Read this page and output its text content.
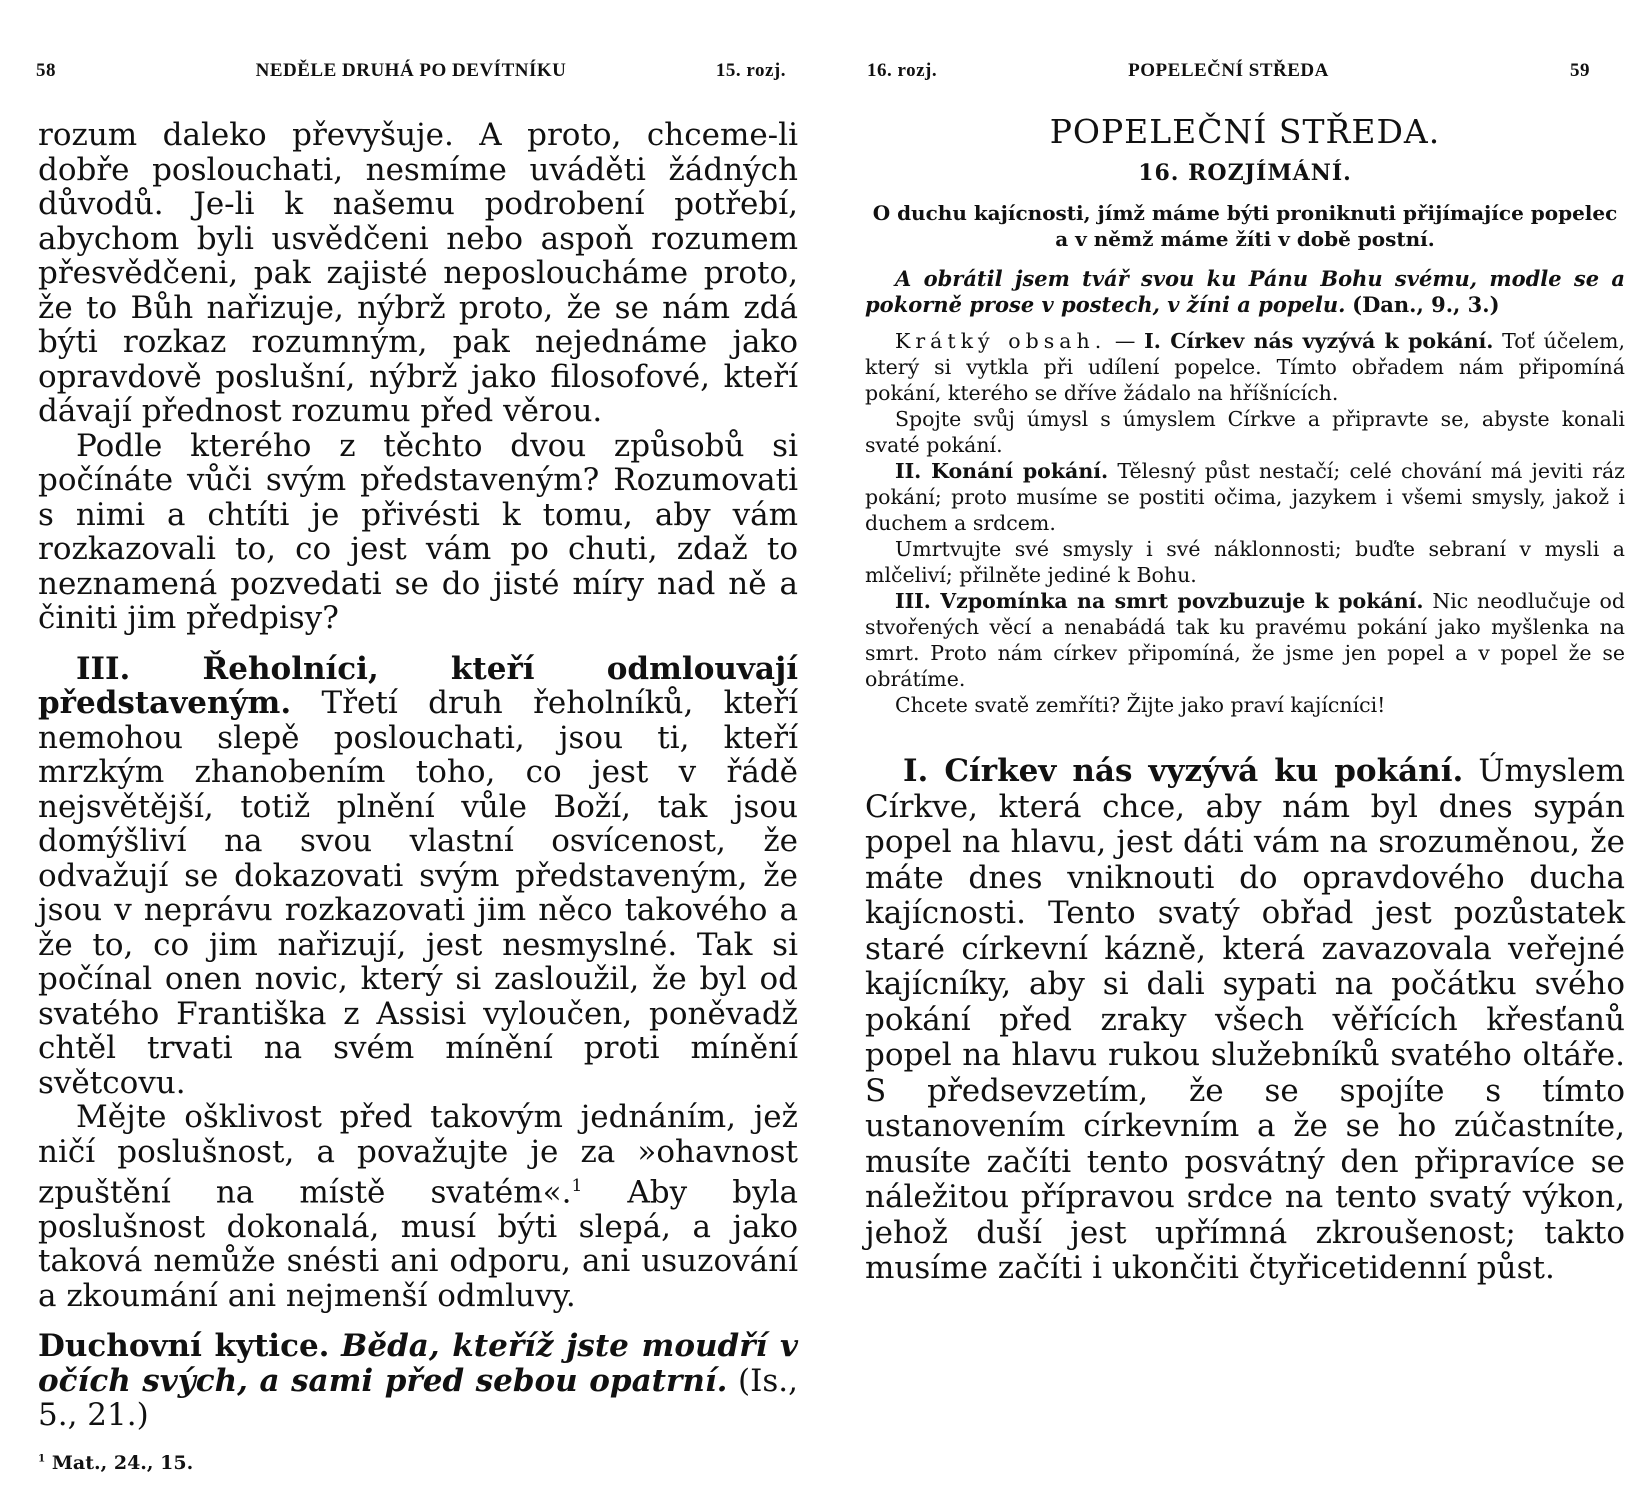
58	NEDĚLE DRUHÁ PO DEVÍTNÍKU	15. rozj.

rozum daleko převyšuje. A proto, chceme-li dobře poslouchati, nesmíme uváděti žádných důvodů. Je-li k našemu podrobení potřebí, abychom byli usvědčeni nebo aspoň rozumem přesvědčeni, pak zajisté neposloucháme proto, že to Bůh nařizuje, nýbrž proto, že se nám zdá býti rozkaz rozumným, pak nejednáme jako opravdově poslušní, nýbrž jako filosofové, kteří dávají přednost rozumu před věrou.

Podle kterého z těchto dvou způsobů si počínáte vůči svým představeným? Rozumovati s nimi a chtíti je přivésti k tomu, aby vám rozkazovali to, co jest vám po chuti, zdaž to neznamená pozvedati se do jisté míry nad ně a činiti jim předpisy?

III. Řeholníci, kteří odmlouvají představeným. Třetí druh řeholníků, kteří nemohou slepě poslouchati, jsou ti, kteří mrzkým zhanobením toho, co jest v řádě nejsvětější, totiž plnění vůle Boží, tak jsou domýšliví na svou vlastní osvícenost, že odvažují se dokazovati svým představeným, že jsou v neprávu rozkazovati jim něco takového a že to, co jim nařizují, jest nesmyslné. Tak si počínal onen novic, který si zasloužil, že byl od svatého Františka z Assisi vyloučen, poněvadž chtěl trvati na svém mínění proti mínění světcovu.

Mějte ošklivost před takovým jednáním, jež ničí poslušnost, a považujte je za »ohavnost zpuštění na místě svatém«.$^1$ Aby byla poslušnost dokonalá, musí býti slepá, a jako taková nemůže snésti ani odporu, ani usuzování a zkoumání ani nejmenší odmluvy.

Duchovní kytice. Běda, kteříž jste moudří v očích svých, a sami před sebou opatrní. (Is., 5., 21.)

$^1$ Mat., 24., 15.
16. rozj.	POPELEČNÍ STŘEDA	59
POPELEČNÍ STŘEDA.
16. ROZJÍMÁNÍ.
O duchu kajícnosti, jímž máme býti proniknuti přijímajíce popelec a v němž máme žíti v době postní.
A obrátil jsem tvář svou ku Pánu Bohu svému, modle se a pokorně prose v postech, v žíni a popelu. (Dan., 9., 3.)

Krátký obsah. — I. Církev nás vyzývá k pokání. Toť účelem, který si vytkla při udílení popelce. Tímto obřadem nám připomíná pokání, kterého se dříve žádalo na hříšnících.

Spojte svůj úmysl s úmyslem Církve a připravte se, abyste konali svaté pokání.

II. Konání pokání. Tělesný půst nestačí; celé chování má jeviti ráz pokání; proto musíme se postiti očima, jazykem i všemi smysly, jakož i duchem a srdcem.

Umrtvujte své smysly i své náklonnosti; buďte sebraní v mysli a mlčeliví; přilněte jediné k Bohu.

III. Vzpomínka na smrt povzbuzuje k pokání. Nic neodlučuje od stvořených věcí a nenabádá tak ku pravému pokání jako myšlenka na smrt. Proto nám církev připomíná, že jsme jen popel a v popel že se obrátíme.

Chcete svatě zemříti? Žijte jako praví kajícníci!

I. Církev nás vyzývá ku pokání. Úmyslem Církve, která chce, aby nám byl dnes sypán popel na hlavu, jest dáti vám na srozuměnou, že máte dnes vniknouti do opravdového ducha kajícnosti. Tento svatý obřad jest pozůstatek staré církevní kázně, která zavazovala veřejné kajícníky, aby si dali sypati na počátku svého pokání před zraky všech věřících křesťanů popel na hlavu rukou služebníků svatého oltáře. S předsevzetím, že se spojíte s tímto ustanovením církevním a že se ho zúčastníte, musíte začíti tento posvátný den připravíce se náležitou přípravou srdce na tento svatý výkon, jehož duší jest upřímná zkroušenost; takto musíme začíti i ukončiti čtyřicetidenní půst.
